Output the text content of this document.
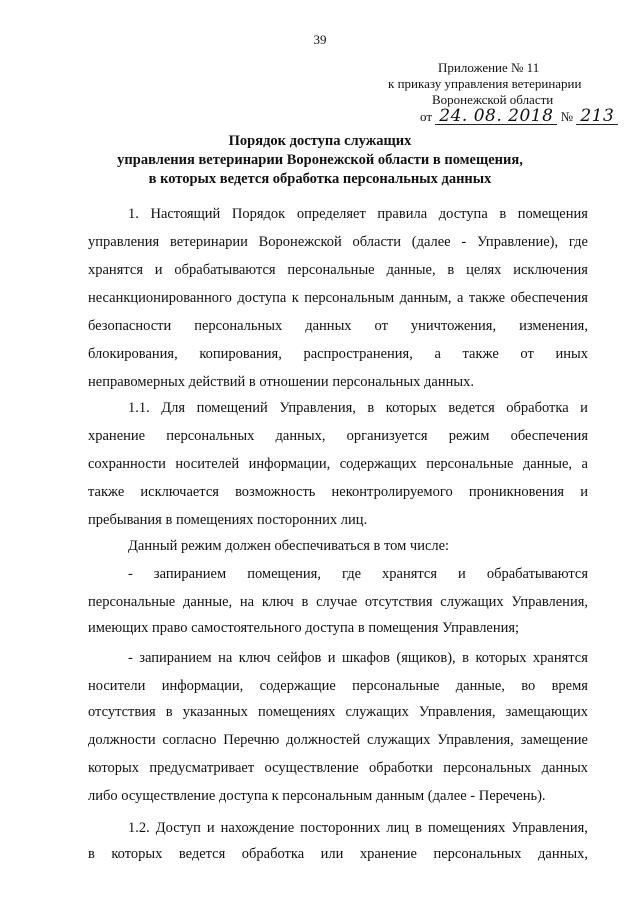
39
Приложение № 11
к приказу управления ветеринарии
Воронежской области
от 24. 08. 2018 № 213
Порядок доступа служащих
управления ветеринарии Воронежской области в помещения,
в которых ведется обработка персональных данных
1. Настоящий Порядок определяет правила доступа в помещения
управления ветеринарии Воронежской области (далее - Управление), где
хранятся и обрабатываются персональные данные, в целях исключения
несанкционированного доступа к персональным данным, а также обеспечения
безопасности персональных данных от уничтожения, изменения,
блокирования, копирования, распространения, а также от иных
неправомерных действий в отношении персональных данных.
1.1. Для помещений Управления, в которых ведется обработка и
хранение персональных данных, организуется режим обеспечения
сохранности носителей информации, содержащих персональные данные, а
также исключается возможность неконтролируемого проникновения и
пребывания в помещениях посторонних лиц.
Данный режим должен обеспечиваться в том числе:
- запиранием помещения, где хранятся и обрабатываются
персональные данные, на ключ в случае отсутствия служащих Управления,
имеющих право самостоятельного доступа в помещения Управления;
- запиранием на ключ сейфов и шкафов (ящиков), в которых хранятся
носители информации, содержащие персональные данные, во время
отсутствия в указанных помещениях служащих Управления, замещающих
должности согласно Перечню должностей служащих Управления, замещение
которых предусматривает осуществление обработки персональных данных
либо осуществление доступа к персональным данным (далее - Перечень).
1.2. Доступ и нахождение посторонних лиц в помещениях Управления,
в которых ведется обработка или хранение персональных данных,
